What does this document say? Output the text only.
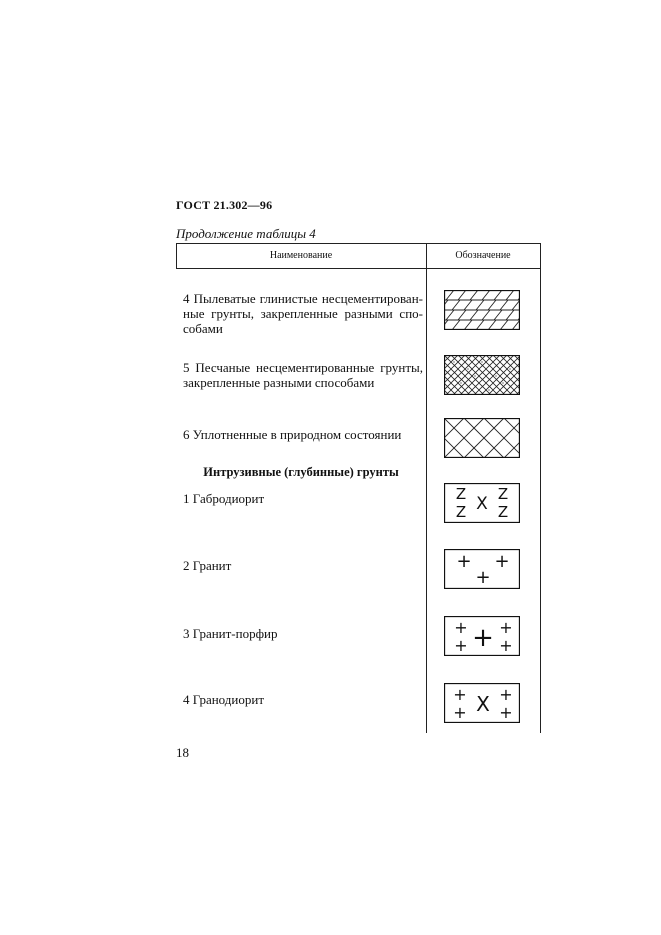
ГОСТ 21.302—96
Продолжение таблицы 4
Наименование	Обозначение
4 Пылеватые глинистые несцементирован-ные грунты, закрепленные разными спо-собами
5 Песчаные несцементированные грунты, закрепленные разными способами
6 Уплотненные в природном состоянии
Интрузивные (глубинные) грунты
1 Габродиорит
2 Гранит
3 Гранит-порфир
4 Гранодиорит
Z
Z
Z
Z
X
+ +
+
+
+
+
+
+
+
+
+
+
X
18
